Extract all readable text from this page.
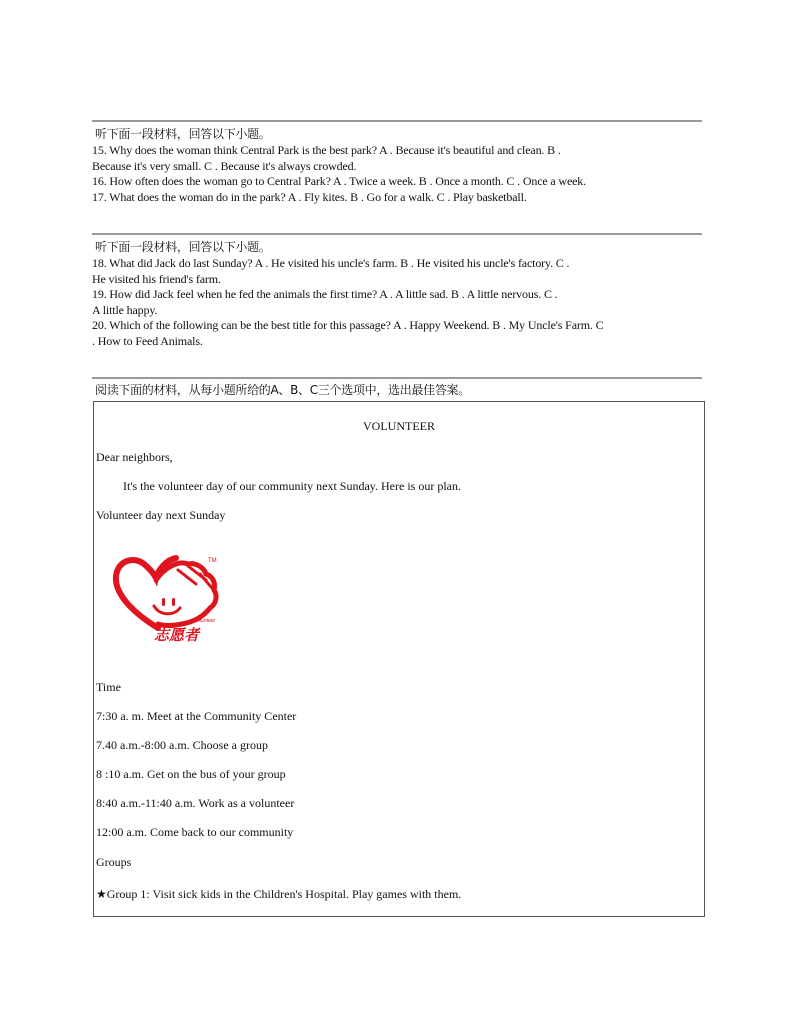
听下面一段材料，回答以下小题。
15. Why does the woman think Central Park is the best park? A . Because it's beautiful and clean. B .
Because it's very small. C . Because it's always crowded.
16. How often does the woman go to Central Park? A . Twice a week. B . Once a month. C . Once a week.
17. What does the woman do in the park? A . Fly kites. B . Go for a walk. C . Play basketball.
听下面一段材料，回答以下小题。
18. What did Jack do last Sunday? A . He visited his uncle's farm. B . He visited his uncle's factory. C .
He visited his friend's farm.
19. How did Jack feel when he fed the animals the first time? A . A little sad. B . A little nervous. C .
A little happy.
20. Which of the following can be the best title for this passage? A . Happy Weekend. B . My Uncle's Farm. C
. How to Feed Animals.
阅读下面的材料，从每小题所给的A、B、C三个选项中，选出最佳答案。
VOLUNTEER
Dear neighbors,
It's the volunteer day of our community next Sunday. Here is our plan.
Volunteer day next Sunday
TM
Volunteer
志愿者
Time
7:30 a. m. Meet at the Community Center
7.40 a.m.-8:00 a.m. Choose a group
8 :10 a.m. Get on the bus of your group
8:40 a.m.-11:40 a.m. Work as a volunteer
12:00 a.m. Come back to our community
Groups
★Group 1: Visit sick kids in the Children's Hospital. Play games with them.
